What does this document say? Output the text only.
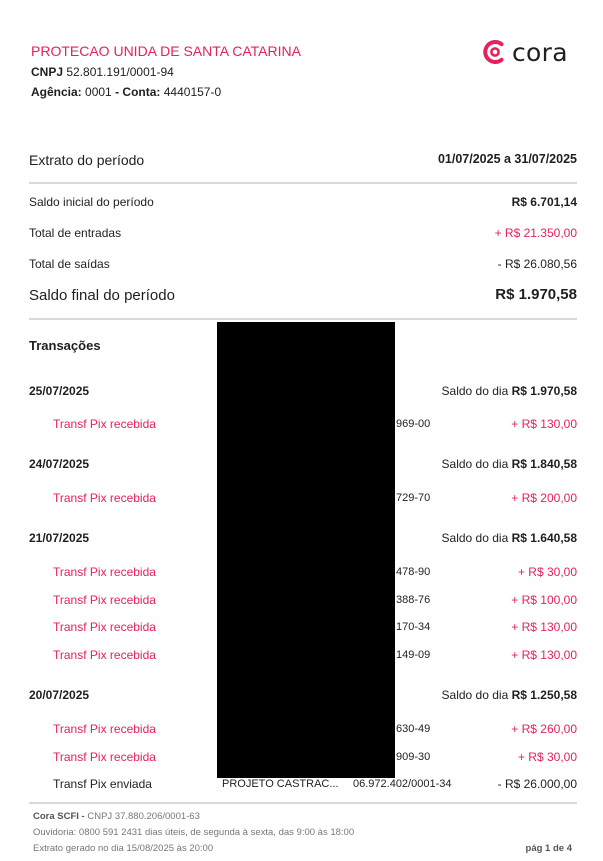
PROTECAO UNIDA DE SANTA CATARINA
CNPJ 52.801.191/0001-94
Agência: 0001 - Conta: 4440157-0
cora
Extrato do período	01/07/2025 a 31/07/2025
Saldo inicial do período	R$ 6.701,14
Total de entradas	+ R$ 21.350,00
Total de saídas	- R$ 26.080,56
Saldo final do período	R$ 1.970,58
Transações
25/07/2025	Saldo do dia R$ 1.970,58
Transf Pix recebida	969-00	+ R$ 130,00
24/07/2025	Saldo do dia R$ 1.840,58
Transf Pix recebida	729-70	+ R$ 200,00
21/07/2025	Saldo do dia R$ 1.640,58
Transf Pix recebida	478-90	+ R$ 30,00
Transf Pix recebida	388-76	+ R$ 100,00
Transf Pix recebida	170-34	+ R$ 130,00
Transf Pix recebida	149-09	+ R$ 130,00
20/07/2025	Saldo do dia R$ 1.250,58
Transf Pix recebida	630-49	+ R$ 260,00
Transf Pix recebida	909-30	+ R$ 30,00
Transf Pix enviada	PROJETO CASTRAC... 06.972.402/0001-34	- R$ 26.000,00
Cora SCFI - CNPJ 37.880.206/0001-63
Ouvidoria: 0800 591 2431 dias úteis, de segunda à sexta, das 9:00 às 18:00
Extrato gerado no dia 15/08/2025 às 20:00	pág 1 de 4
